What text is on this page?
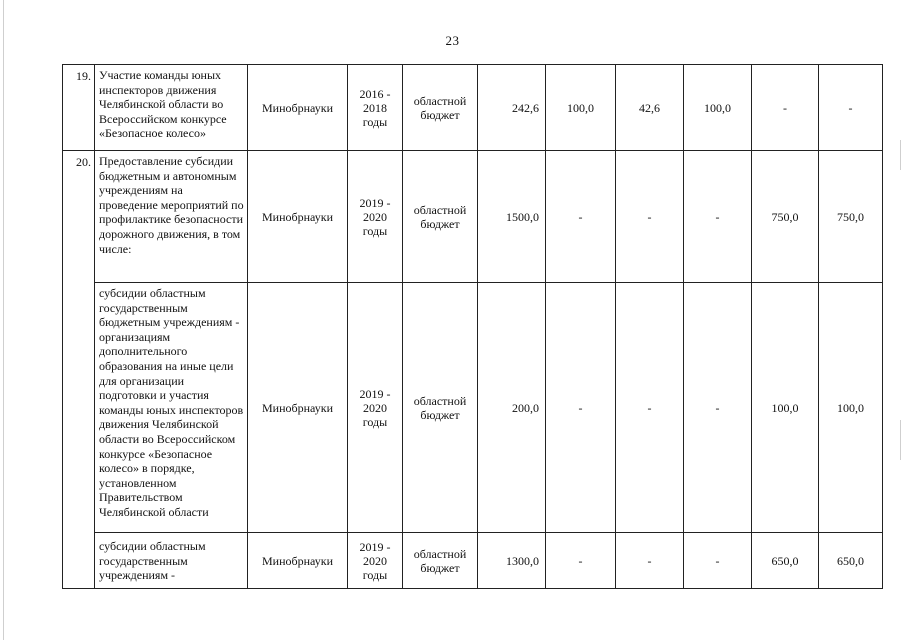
23
19.	Участие команды юных инспекторов движения Челябинской области во Всероссийском конкурсе «Безопасное колесо»	Минобрнауки	2016 - 2018 годы	областной бюджет	242,6	100,0	42,6	100,0	-	-
20.	Предоставление субсидии бюджетным и автономным учреждениям на проведение мероприятий по профилактике безопасности дорожного движения, в том числе:	Минобрнауки	2019 - 2020 годы	областной бюджет	1500,0	-	-	-	750,0	750,0
	субсидии областным государственным бюджетным учреждениям - организациям дополнительного образования на иные цели для организации подготовки и участия команды юных инспекторов движения Челябинской области во Всероссийском конкурсе «Безопасное колесо» в порядке, установленном Правительством Челябинской области	Минобрнауки	2019 - 2020 годы	областной бюджет	200,0	-	-	-	100,0	100,0
	субсидии областным государственным учреждениям -	Минобрнауки	2019 - 2020 годы	областной бюджет	1300,0	-	-	-	650,0	650,0
